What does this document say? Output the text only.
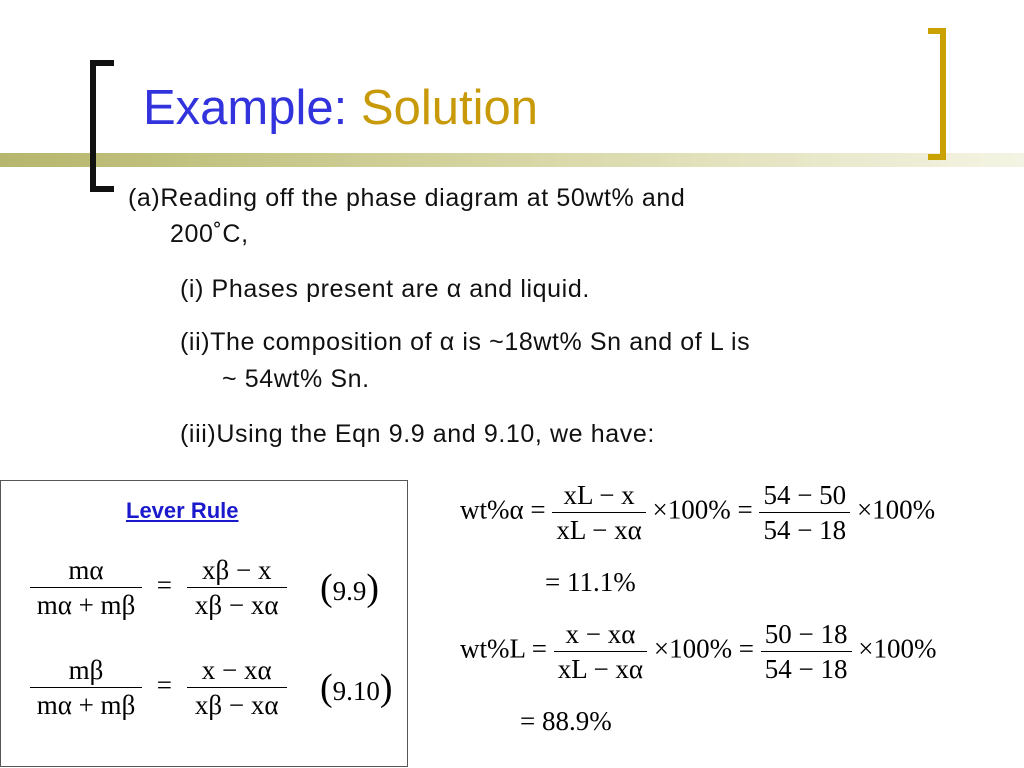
Example: Solution
(a)Reading off the phase diagram at 50wt% and
200˚C,
(i) Phases present are α and liquid.
(ii)The composition of α is ~18wt% Sn and of L is
~ 54wt% Sn.
(iii)Using the Eqn 9.9 and 9.10, we have:
Lever Rule
$\frac{m\alpha}{m\alpha + m\beta} = \frac{x\beta - x}{x\beta - x\alpha} (9.9)$
$\frac{m\beta}{m\alpha + m\beta} = \frac{x - x\alpha}{x\beta - x\alpha} (9.10)$
$wt\%\alpha = \frac{xL - x}{xL - x\alpha} \times 100\% = \frac{54 - 50}{54 - 18} \times 100\%$
= 11.1%
$wt\%L = \frac{x - x\alpha}{xL - x\alpha} \times 100\% = \frac{50 - 18}{54 - 18} \times 100\%$
= 88.9%
